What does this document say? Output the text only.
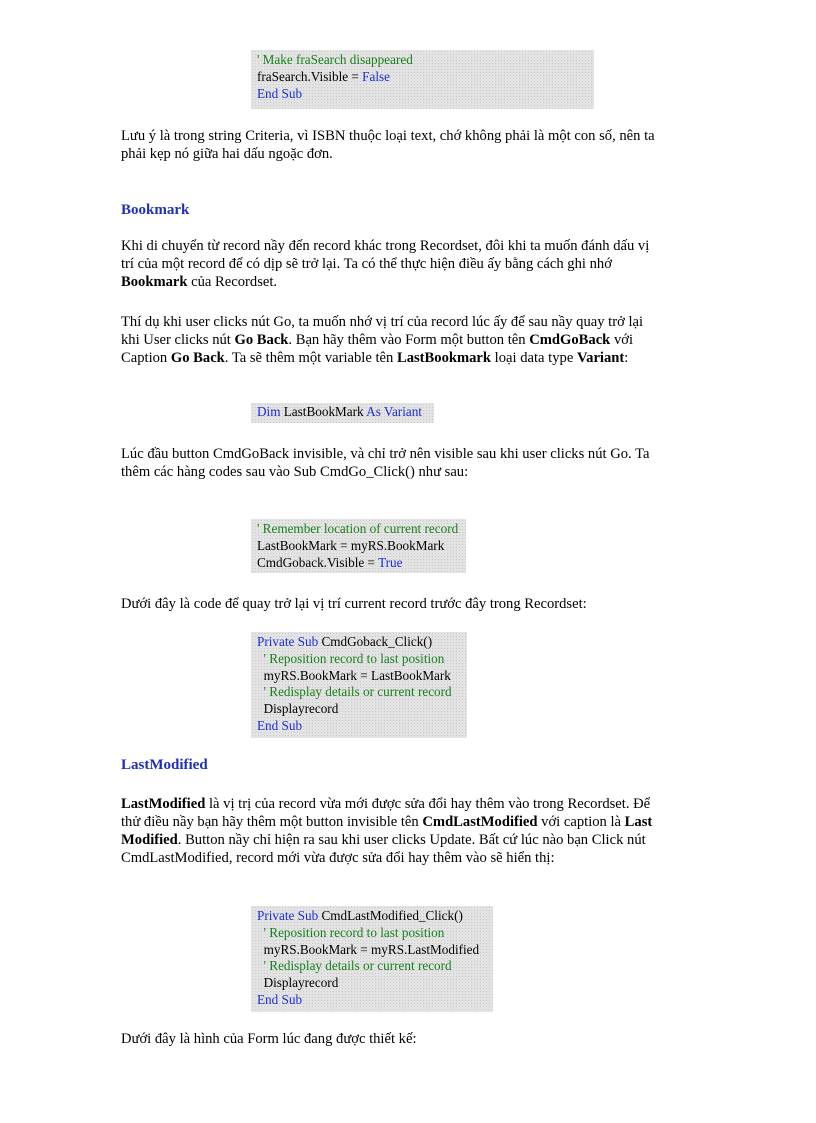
' Make fraSearch disappeared
fraSearch.Visible = False
End Sub

Lưu ý là trong string Criteria, vì ISBN thuộc loại text, chớ không phải là một con số, nên ta phải kẹp nó giữa hai dấu ngoặc đơn.

Bookmark

Khi di chuyển từ record nầy đến record khác trong Recordset, đôi khi ta muốn đánh dấu vị trí của một record để có dịp sẽ trở lại. Ta có thể thực hiện điều ấy bằng cách ghi nhớ Bookmark của Recordset.

Thí dụ khi user clicks nút Go, ta muốn nhớ vị trí của record lúc ấy để sau nầy quay trở lại khi User clicks nút Go Back. Bạn hãy thêm vào Form một button tên CmdGoBack với Caption Go Back. Ta sẽ thêm một variable tên LastBookmark loại data type Variant:

Dim LastBookMark As Variant

Lúc đầu button CmdGoBack invisible, và chỉ trở nên visible sau khi user clicks nút Go. Ta thêm các hàng codes sau vào Sub CmdGo_Click() như sau:

' Remember location of current record
LastBookMark = myRS.BookMark
CmdGoback.Visible = True

Dưới đây là code để quay trở lại vị trí current record trước đây trong Recordset:

Private Sub CmdGoback_Click()
' Reposition record to last position
myRS.BookMark = LastBookMark
' Redisplay details or current record
Displayrecord
End Sub

LastModified

LastModified là vị trị của record vừa mới được sửa đổi hay thêm vào trong Recordset. Để thử điều nầy bạn hãy thêm một button invisible tên CmdLastModified với caption là Last Modified. Button nầy chỉ hiện ra sau khi user clicks Update. Bất cứ lúc nào bạn Click nút CmdLastModified, record mới vừa được sửa đổi hay thêm vào sẽ hiển thị:

Private Sub CmdLastModified_Click()
' Reposition record to last position
myRS.BookMark = myRS.LastModified
' Redisplay details or current record
Displayrecord
End Sub

Dưới đây là hình của Form lúc đang được thiết kế:
